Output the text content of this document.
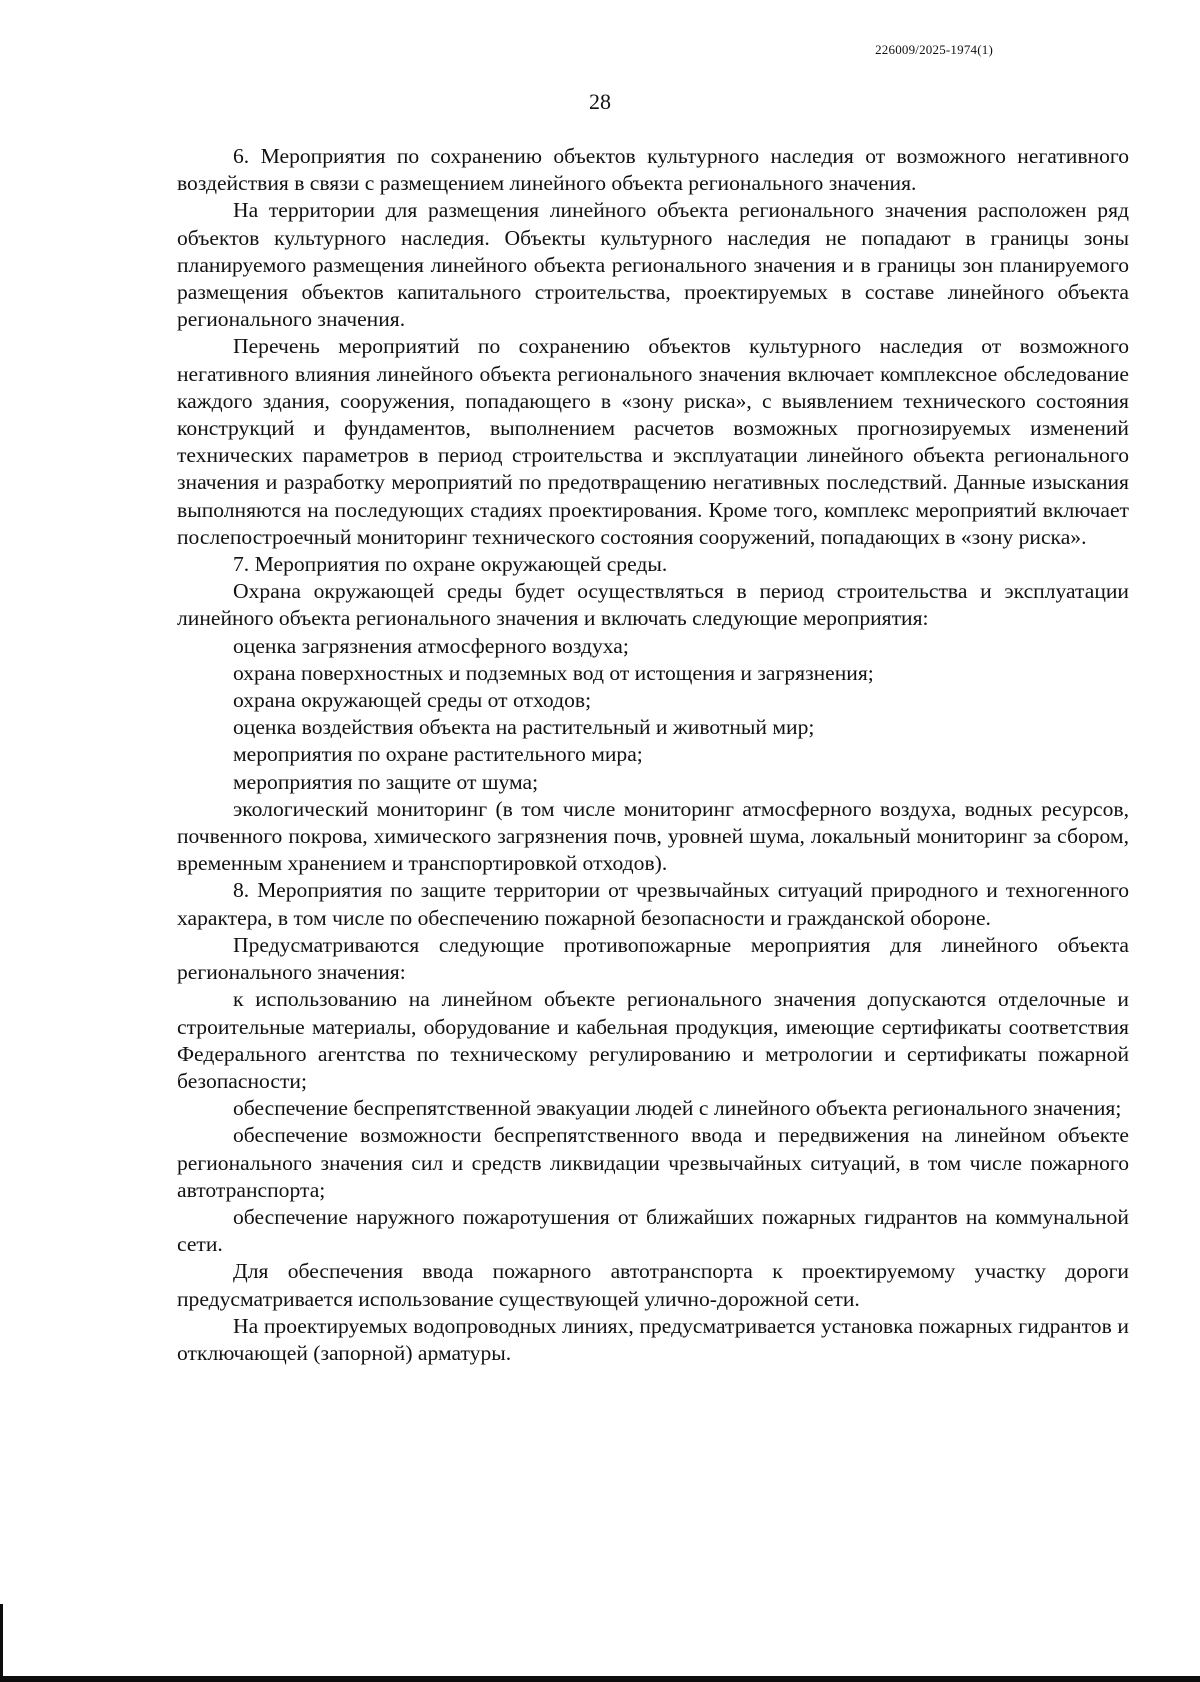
226009/2025-1974(1)
28

6. Мероприятия по сохранению объектов культурного наследия от возможного негативного воздействия в связи с размещением линейного объекта регионального значения.

На территории для размещения линейного объекта регионального значения расположен ряд объектов культурного наследия. Объекты культурного наследия не попадают в границы зоны планируемого размещения линейного объекта регионального значения и в границы зон планируемого размещения объектов капитального строительства, проектируемых в составе линейного объекта регионального значения.

Перечень мероприятий по сохранению объектов культурного наследия от возможного негативного влияния линейного объекта регионального значения включает комплексное обследование каждого здания, сооружения, попадающего в «зону риска», с выявлением технического состояния конструкций и фундаментов, выполнением расчетов возможных прогнозируемых изменений технических параметров в период строительства и эксплуатации линейного объекта регионального значения и разработку мероприятий по предотвращению негативных последствий. Данные изыскания выполняются на последующих стадиях проектирования. Кроме того, комплекс мероприятий включает послепостроечный мониторинг технического состояния сооружений, попадающих в «зону риска».

7. Мероприятия по охране окружающей среды.

Охрана окружающей среды будет осуществляться в период строительства и эксплуатации линейного объекта регионального значения и включать следующие мероприятия:

оценка загрязнения атмосферного воздуха;

охрана поверхностных и подземных вод от истощения и загрязнения;

охрана окружающей среды от отходов;

оценка воздействия объекта на растительный и животный мир;

мероприятия по охране растительного мира;

мероприятия по защите от шума;

экологический мониторинг (в том числе мониторинг атмосферного воздуха, водных ресурсов, почвенного покрова, химического загрязнения почв, уровней шума, локальный мониторинг за сбором, временным хранением и транспортировкой отходов).

8. Мероприятия по защите территории от чрезвычайных ситуаций природного и техногенного характера, в том числе по обеспечению пожарной безопасности и гражданской обороне.

Предусматриваются следующие противопожарные мероприятия для линейного объекта регионального значения:

к использованию на линейном объекте регионального значения допускаются отделочные и строительные материалы, оборудование и кабельная продукция, имеющие сертификаты соответствия Федерального агентства по техническому регулированию и метрологии и сертификаты пожарной безопасности;

обеспечение беспрепятственной эвакуации людей с линейного объекта регионального значения;

обеспечение возможности беспрепятственного ввода и передвижения на линейном объекте регионального значения сил и средств ликвидации чрезвычайных ситуаций, в том числе пожарного автотранспорта;

обеспечение наружного пожаротушения от ближайших пожарных гидрантов на коммунальной сети.

Для обеспечения ввода пожарного автотранспорта к проектируемому участку дороги предусматривается использование существующей улично-дорожной сети.

На проектируемых водопроводных линиях, предусматривается установка пожарных гидрантов и отключающей (запорной) арматуры.
